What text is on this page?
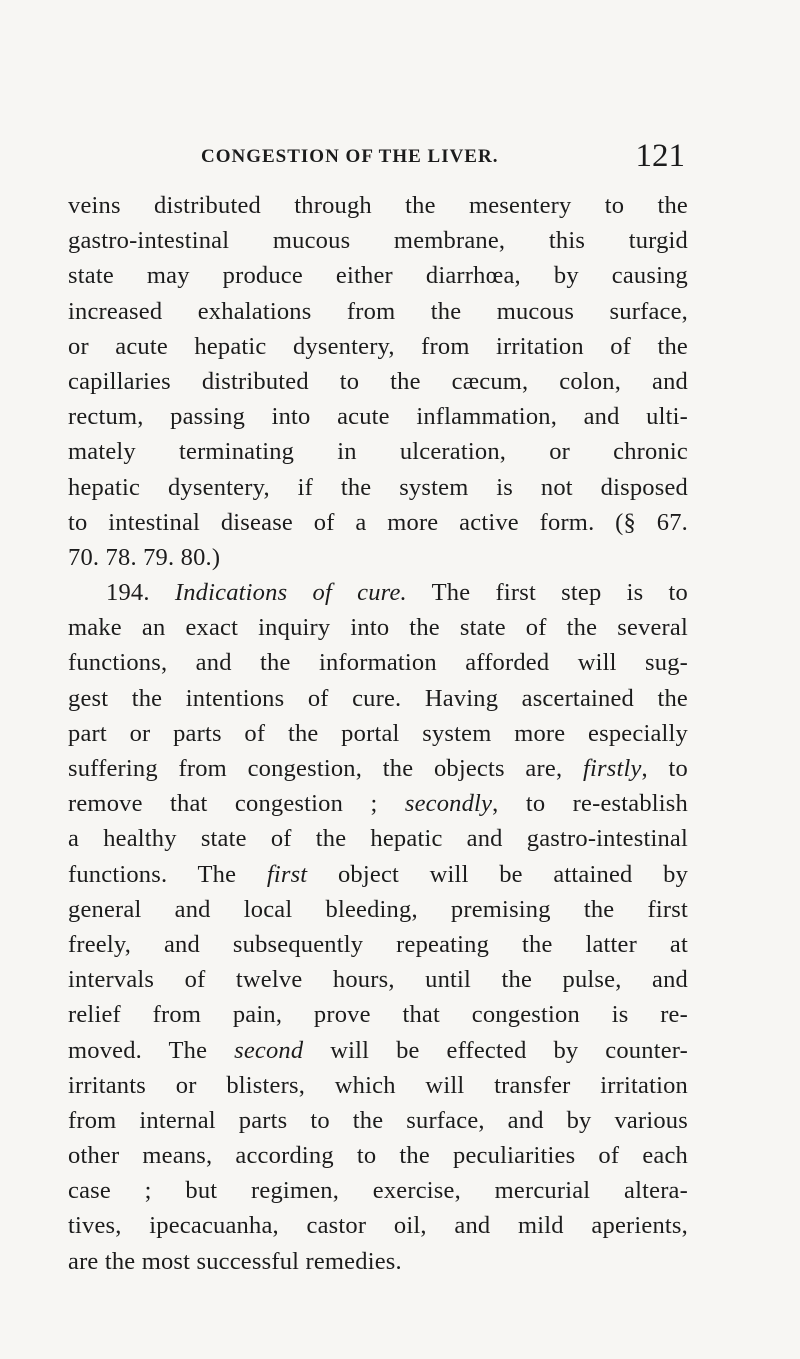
CONGESTION OF THE LIVER.	121
veins distributed through the mesentery to the
gastro-intestinal mucous membrane, this turgid
state may produce either diarrhœa, by causing
increased exhalations from the mucous surface,
or acute hepatic dysentery, from irritation of the
capillaries distributed to the cæcum, colon, and
rectum, passing into acute inflammation, and ulti-
mately terminating in ulceration, or chronic
hepatic dysentery, if the system is not disposed
to intestinal disease of a more active form. (§ 67.
70. 78. 79. 80.)
194. Indications of cure. The first step is to
make an exact inquiry into the state of the several
functions, and the information afforded will sug-
gest the intentions of cure. Having ascertained the
part or parts of the portal system more especially
suffering from congestion, the objects are, firstly, to
remove that congestion ; secondly, to re-establish
a healthy state of the hepatic and gastro-intestinal
functions. The first object will be attained by
general and local bleeding, premising the first
freely, and subsequently repeating the latter at
intervals of twelve hours, until the pulse, and
relief from pain, prove that congestion is re-
moved. The second will be effected by counter-
irritants or blisters, which will transfer irritation
from internal parts to the surface, and by various
other means, according to the peculiarities of each
case ; but regimen, exercise, mercurial altera-
tives, ipecacuanha, castor oil, and mild aperients,
are the most successful remedies.
